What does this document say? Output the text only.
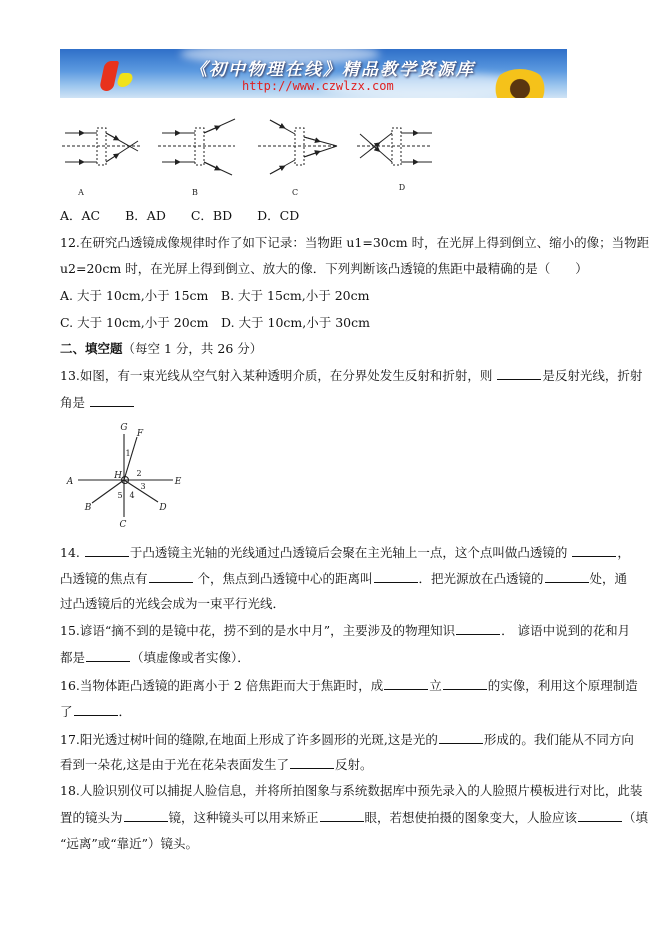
《初中物理在线》精品教学资源库
http://www.czwlzx.com
A	B	C
D
A．AC　　B．AD　　C．BD　　D．CD
12.在研究凸透镜成像规律时作了如下记录：当物距 u1=30cm 时，在光屏上得到倒立、缩小的像；当物距
u2=20cm 时，在光屏上得到倒立、放大的像．下列判断该凸透镜的焦距中最精确的是（　　）
A. 大于 10cm,小于 15cm　B. 大于 15cm,小于 20cm
C. 大于 10cm,小于 20cm　D. 大于 10cm,小于 30cm
二、填空题（每空 1 分，共 26 分）
13.如图，有一束光线从空气射入某种透明介质，在分界处发生反射和折射，则	是反射光线，折射
角是
14.	于凸透镜主光轴的光线通过凸透镜后会聚在主光轴上一点，这个点叫做凸透镜的	，
凸透镜的焦点有	个，焦点到凸透镜中心的距离叫	．把光源放在凸透镜的	处，通
过凸透镜后的光线会成为一束平行光线．
15.谚语“摘不到的是镜中花，捞不到的是水中月”，主要涉及的物理知识	． 谚语中说到的花和月
都是	（填虚像或者实像）．
16.当物体距凸透镜的距离小于 2 倍焦距而大于焦距时，成	立	的实像，利用这个原理制造
了	．
17.阳光透过树叶间的缝隙,在地面上形成了许多圆形的光斑,这是光的	形成的。我们能从不同方向
看到一朵花,这是由于光在花朵表面发生了	反射。
18.人脸识别仪可以捕捉人脸信息，并将所拍图象与系统数据库中预先录入的人脸照片模板进行对比，此装
置的镜头为	镜，这种镜头可以用来矫正	眼，若想使拍摄的图象变大，人脸应该	（填
“远离”或“靠近”）镜头。
G
F
A	E
H
B
C
D
1
2
3
4
5
